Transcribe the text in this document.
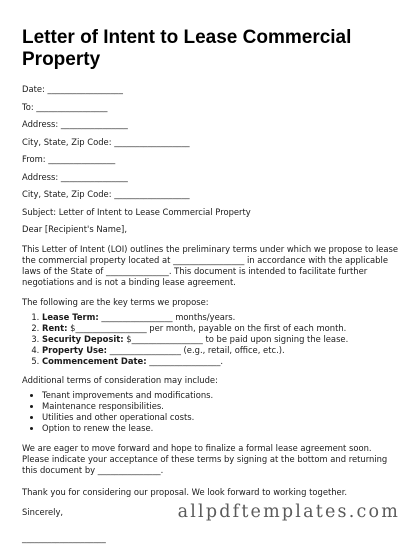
Letter of Intent to Lease Commercial
Property

Date: __________________

To: _________________

Address: ________________

City, State, Zip Code: __________________

From: ________________

Address: ________________

City, State, Zip Code: __________________

Subject: Letter of Intent to Lease Commercial Property

Dear [Recipient's Name],

This Letter of Intent (LOI) outlines the preliminary terms under which we propose to lease

the commercial property located at _________________ in accordance with the applicable

laws of the State of _______________. This document is intended to facilitate further

negotiations and is not a binding lease agreement.

The following are the key terms we propose:

1. Lease Term: _________________ months/years.
2. Rent: $_________________ per month, payable on the first of each month.
3. Security Deposit: $_________________ to be paid upon signing the lease.
4. Property Use: _________________ (e.g., retail, office, etc.).
5. Commencement Date: _________________.

Additional terms of consideration may include:

• Tenant improvements and modifications.
• Maintenance responsibilities.
• Utilities and other operational costs.
• Option to renew the lease.

We are eager to move forward and hope to finalize a formal lease agreement soon.

Please indicate your acceptance of these terms by signing at the bottom and returning

this document by _______________.

Thank you for considering our proposal. We look forward to working together.

Sincerely,

____________________

allpdftemplates.com
